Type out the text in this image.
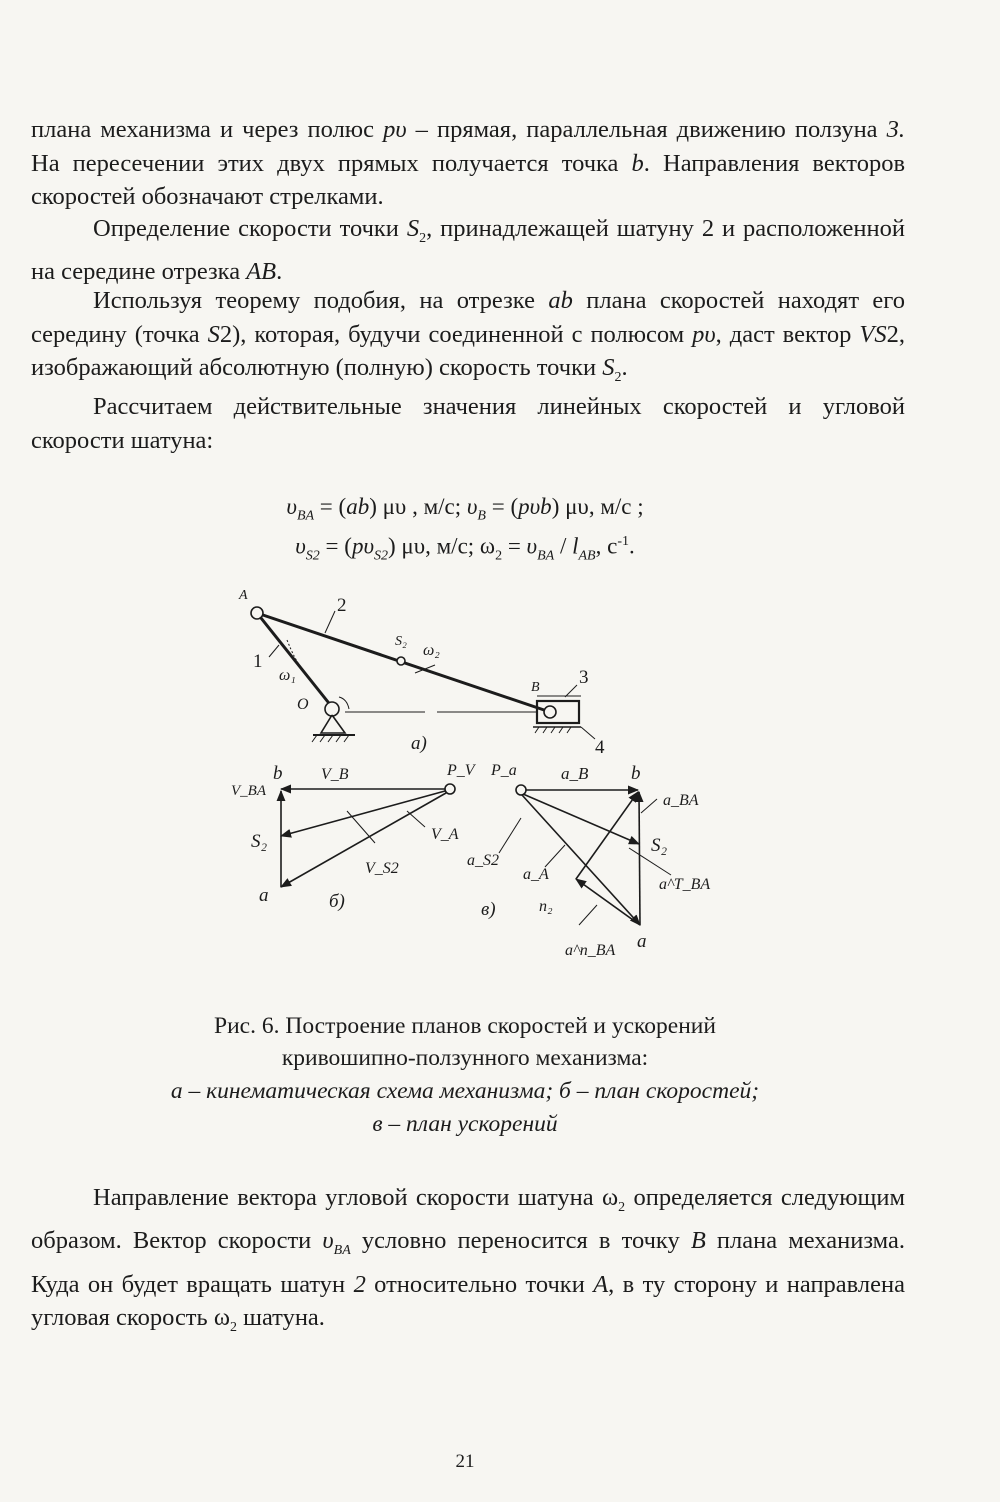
плана механизма и через полюс pυ – прямая, параллельная движению ползуна 3. На пересечении этих двух прямых получается точка b. Направления векторов скоростей обозначают стрелками.

Определение скорости точки $S_2$, принадлежащей шатуну 2 и расположенной на середине отрезка AB.

Используя теорему подобия, на отрезке ab плана скоростей находят его середину (точка S2), которая, будучи соединенной с полюсом pυ, даст вектор VS2, изображающий абсолютную (полную) скорость точки $S_2$.

Рассчитаем действительные значения линейных скоростей и угловой скорости шатуна:

$\upsilon_{BA} = (ab)$ μυ , м/с; $\upsilon_B = (p\upsilon b)$ μυ, м/с ;
$\upsilon_{S2} = (p\upsilon_{S2})$ μυ, м/с; $\omega_2 = \upsilon_{BA} / l_{AB}$, $с^{-1}$.
A	2
1
ω₁
O
S₂
ω₂
B 3
4
а)
V_BA
b V_B	P_V
S₂	V_A
V_S2
a	б)
P_a	a_B b
a_BA
S₂
a_S2
a_A
a^T_BA
в)	n₂
a^n_BA a

Рис. 6. Построение планов скоростей и ускорений

кривошипно-ползунного механизма:

а – кинематическая схема механизма; б – план скоростей;

в – план ускорений

Направление вектора угловой скорости шатуна $\omega_2$ определяется следующим образом. Вектор скорости $\upsilon_{BA}$ условно переносится в точку B плана механизма. Куда он будет вращать шатун 2 относительно точки A, в ту сторону и направлена угловая скорость $\omega_2$ шатуна.

21
